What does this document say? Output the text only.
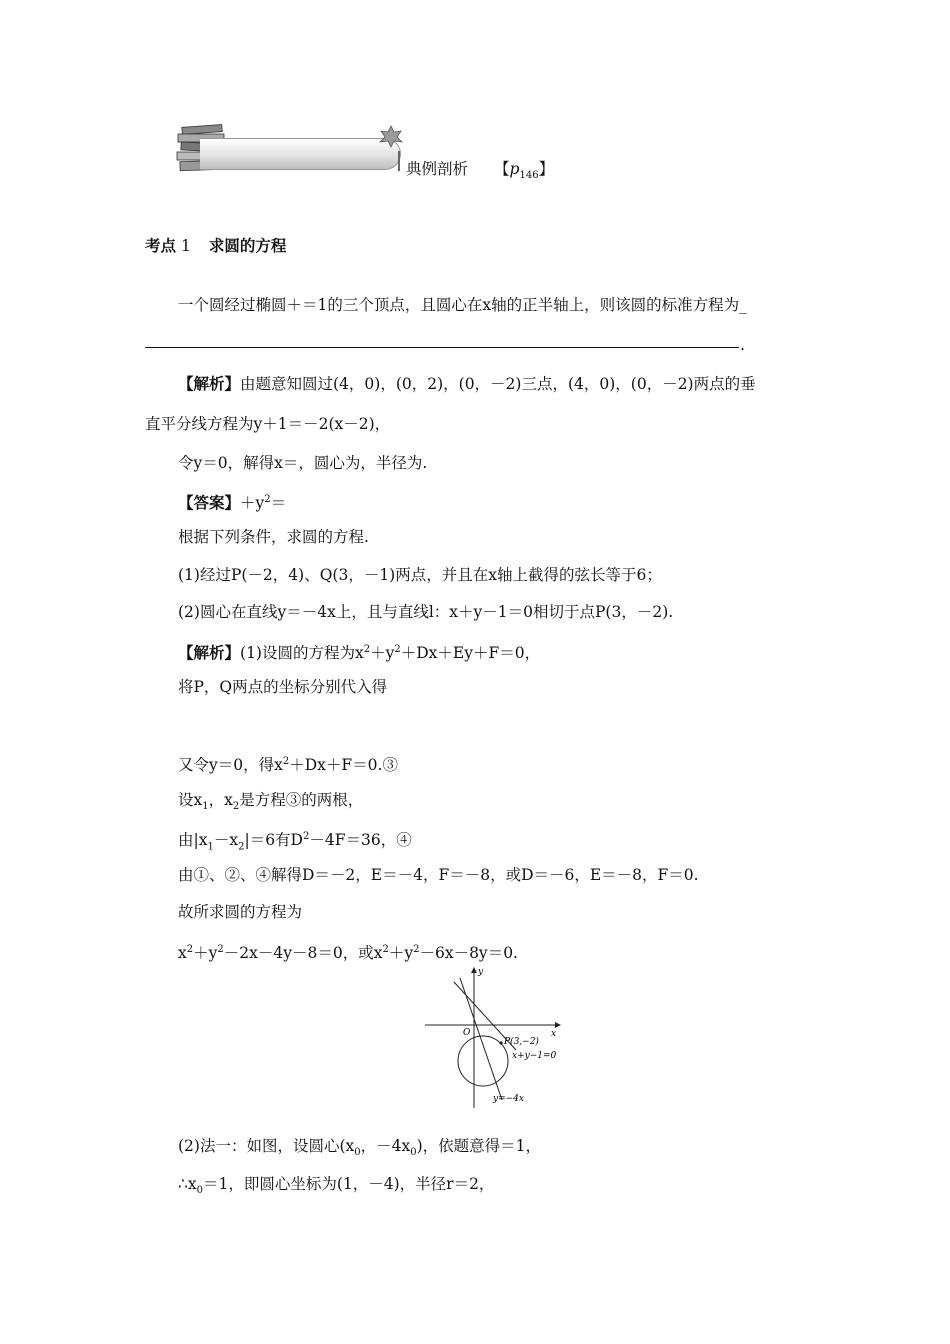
典例剖析 【$p_{146}$】
考点 1 求圆的方程
一个圆经过椭圆＋＝1的三个顶点，且圆心在x轴的正半轴上，则该圆的标准方程为_
.
【解析】由题意知圆过(4，0)，(0，2)，(0，－2)三点，(4，0)，(0，－2)两点的垂
直平分线方程为y＋1＝－2(x－2)，
令y＝0，解得x＝，圆心为，半径为.
【答案】$+y^2=$
根据下列条件，求圆的方程.
(1)经过P(－2，4)、Q(3，－1)两点，并且在x轴上截得的弦长等于6；
(2)圆心在直线y＝－4x上，且与直线l：x＋y－1＝0相切于点P(3，－2).
【解析】(1)设圆的方程为$x^2+y^2+Dx+Ey+F=0$，
将P，Q两点的坐标分别代入得
又令y＝0，得$x^2+Dx+F=0.③$
设$x_1$，$x_2$是方程③的两根，
由$|x_1-x_2|=6$有$D^2-4F=36$，④
由①、②、④解得D＝－2，E＝－4，F＝－8，或D＝－6，E＝－8，F＝0.
故所求圆的方程为
$x^2+y^2-2x-4y-8=0$，或$x^2+y^2-6x-8y=0$.
x
y
O
P(3,−2)
x+y−1=0
y=−4x
(2)法一：如图，设圆心($x_0$，$-4x_0$)，依题意得＝1，
$\therefore x_0=1$，即圆心坐标为(1，－4)，半径r＝2，
